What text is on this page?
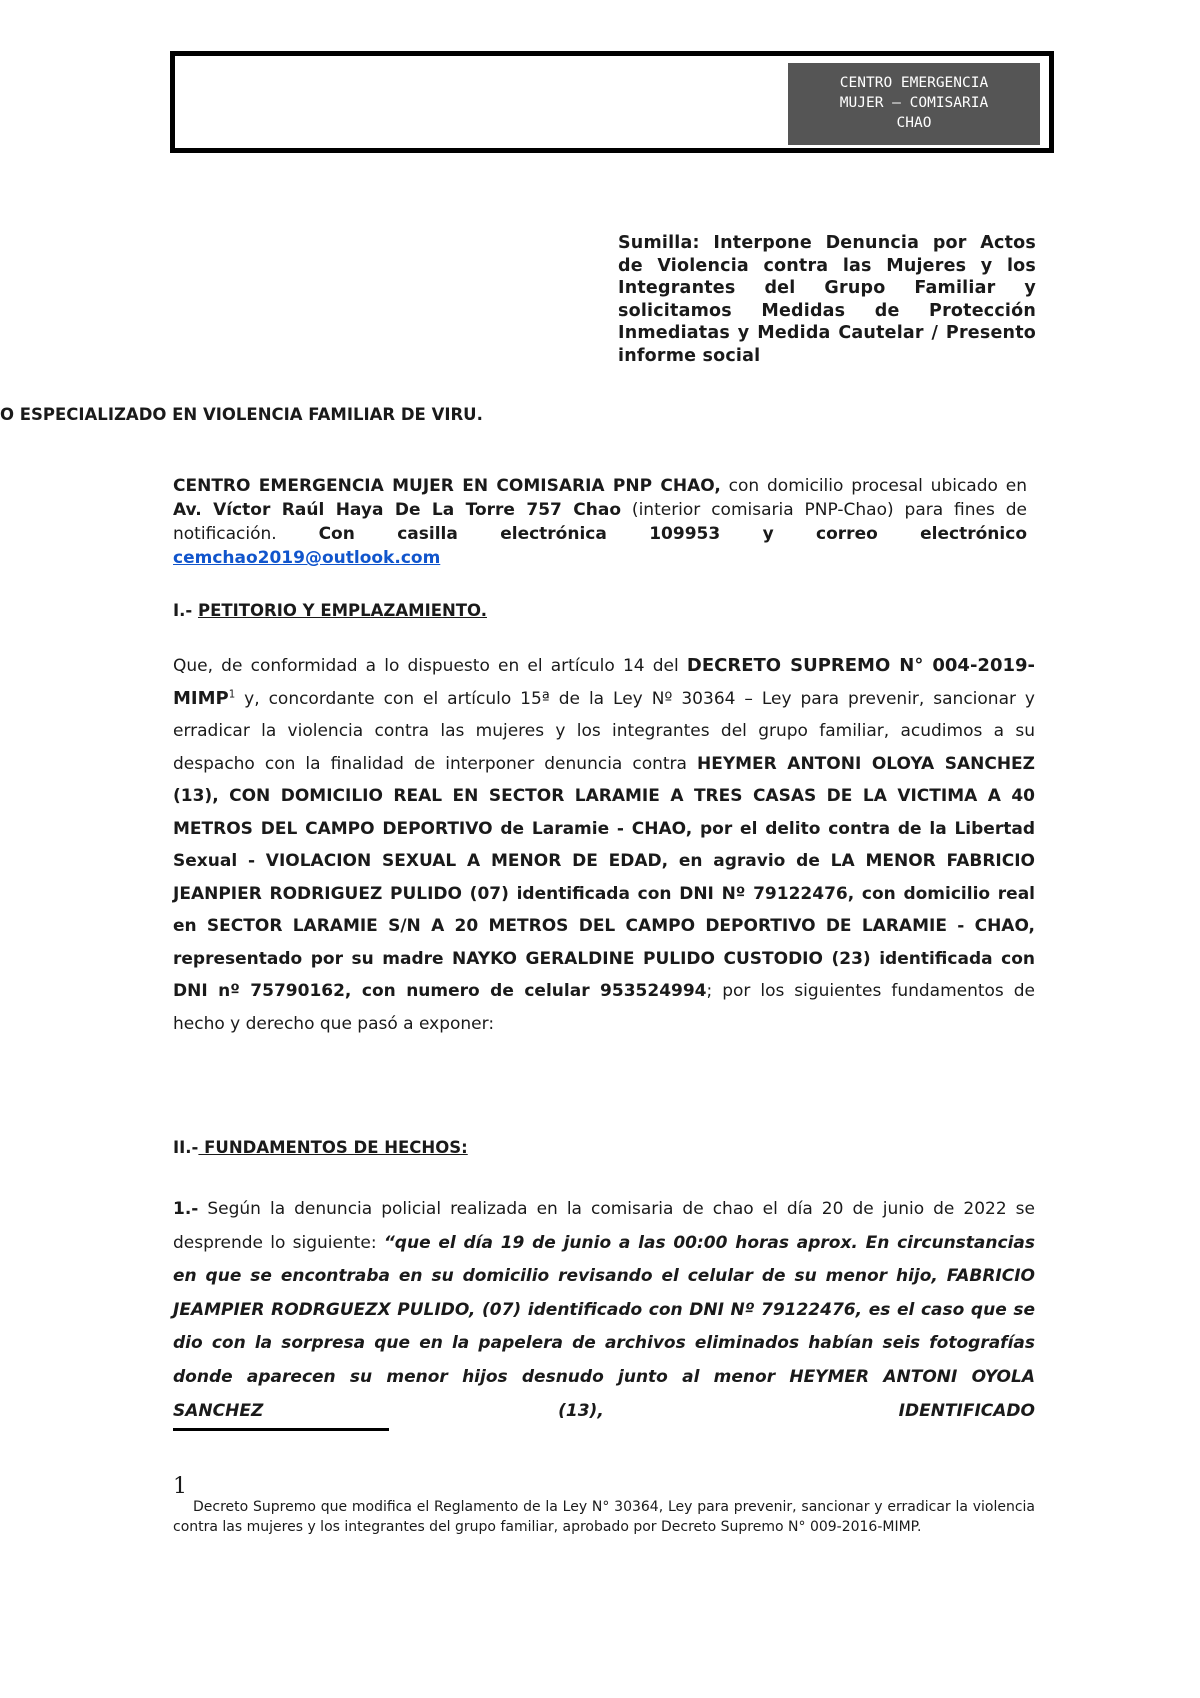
CENTRO EMERGENCIA
MUJER – COMISARIA
CHAO
Sumilla: Interpone Denuncia por Actos de Violencia contra las Mujeres y los Integrantes del Grupo Familiar y solicitamos Medidas de Protección Inmediatas y Medida Cautelar / Presento informe social
O ESPECIALIZADO EN VIOLENCIA FAMILIAR DE VIRU.
CENTRO EMERGENCIA MUJER EN COMISARIA PNP CHAO, con domicilio procesal ubicado en Av. Víctor Raúl Haya De La Torre 757 Chao (interior comisaria PNP-Chao) para fines de notificación. Con casilla electrónica 109953 y correo electrónico cemchao2019@outlook.com
I.- PETITORIO Y EMPLAZAMIENTO.
Que, de conformidad a lo dispuesto en el artículo 14 del DECRETO SUPREMO N° 004-2019-MIMP$^1$ y, concordante con el artículo 15ª de la Ley Nº 30364 – Ley para prevenir, sancionar y erradicar la violencia contra las mujeres y los integrantes del grupo familiar, acudimos a su despacho con la finalidad de interponer denuncia contra HEYMER ANTONI OLOYA SANCHEZ (13), CON DOMICILIO REAL EN SECTOR LARAMIE A TRES CASAS DE LA VICTIMA A 40 METROS DEL CAMPO DEPORTIVO de Laramie - CHAO, por el delito contra de la Libertad Sexual - VIOLACION SEXUAL A MENOR DE EDAD, en agravio de LA MENOR FABRICIO JEANPIER RODRIGUEZ PULIDO (07) identificada con DNI Nº 79122476, con domicilio real en SECTOR LARAMIE S/N A 20 METROS DEL CAMPO DEPORTIVO DE LARAMIE - CHAO, representado por su madre NAYKO GERALDINE PULIDO CUSTODIO (23) identificada con DNI nº 75790162, con numero de celular 953524994; por los siguientes fundamentos de hecho y derecho que pasó a exponer:
II.- FUNDAMENTOS DE HECHOS:
1.- Según la denuncia policial realizada en la comisaria de chao el día 20 de junio de 2022 se desprende lo siguiente: “que el día 19 de junio a las 00:00 horas aprox. En circunstancias en que se encontraba en su domicilio revisando el celular de su menor hijo, FABRICIO JEAMPIER RODRGUEZX PULIDO, (07) identificado con DNI Nº 79122476, es el caso que se dio con la sorpresa que en la papelera de archivos eliminados habían seis fotografías donde aparecen su menor hijos desnudo junto al menor HEYMER ANTONI OYOLA SANCHEZ (13), IDENTIFICADO
1
Decreto Supremo que modifica el Reglamento de la Ley N° 30364, Ley para prevenir, sancionar y erradicar la violencia contra las mujeres y los integrantes del grupo familiar, aprobado por Decreto Supremo N° 009-2016-MIMP.
